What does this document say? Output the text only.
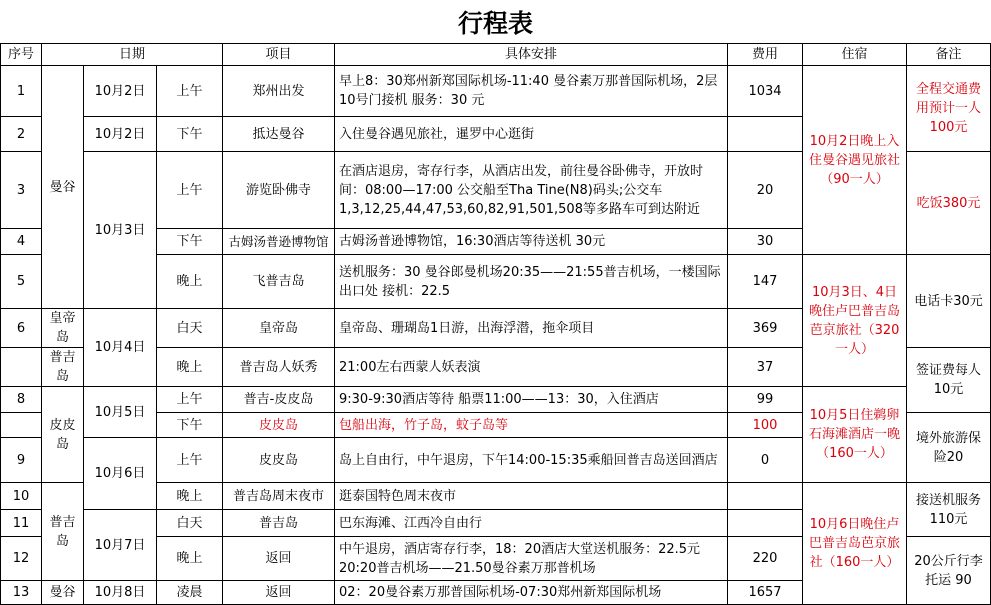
行程表
序号	日期			项目	具体安排	费用	住宿	备注
1	曼谷	10月2日	上午	郑州出发	早上8：30郑州新郑国际机场-11:40 曼谷素万那普国际机场，2层10号门接机 服务：30 元	1034	10月2日晚上入住曼谷遇见旅社（90一人）	全程交通费用预计一人100元
2		10月2日	下午	抵达曼谷	入住曼谷遇见旅社，暹罗中心逛街			
3		10月3日	上午	游览卧佛寺	在酒店退房，寄存行李，从酒店出发，前往曼谷卧佛寺，开放时间：08:00—17:00 公交船至Tha Tine(N8)码头;公交车1,3,12,25,44,47,53,60,82,91,501,508等多路车可到达附近	20		吃饭380元
4			下午	古姆汤普逊博物馆	古姆汤普逊博物馆，16:30酒店等待送机 30元	30		
5			晚上	飞普吉岛	送机服务：30 曼谷郎曼机场20:35——21:55普吉机场，一楼国际出口处 接机：22.5	147	10月3日、4日晚住卢巴普吉岛芭京旅社（320一人）	电话卡30元
6	皇帝岛	10月4日	白天	皇帝岛	皇帝岛、珊瑚岛1日游，出海浮潜，拖伞项目	369		
	普吉岛		晚上	普吉岛人妖秀	21:00左右西蒙人妖表演	37		签证费每人10元
8	皮皮岛	10月5日	上午	普吉-皮皮岛	9:30-9:30酒店等待 船票11:00——13：30，入住酒店	99	10月5日住鹈卵石海滩酒店一晚（160一人）	
			下午	皮皮岛	包船出海，竹子岛，蚊子岛等	100		境外旅游保险20
9		10月6日	上午	皮皮岛	岛上自由行，中午退房，下午14:00-15:35乘船回普吉岛送回酒店	0		
10	普吉岛		晚上	普吉岛周末夜市	逛泰国特色周末夜市		10月6日晚住卢巴普吉岛芭京旅社（160一人）	接送机服务110元
11		10月7日	白天	普吉岛	巴东海滩、江西冷自由行			
12			晚上	返回	中午退房，酒店寄存行李，18：20酒店大堂送机服务：22.5元 20:20普吉机场——21.50曼谷素万那普机场	220		20公斤行李托运 90
13	曼谷	10月8日	凌晨	返回	02：20曼谷素万那普国际机场-07:30郑州新郑国际机场	1657		
